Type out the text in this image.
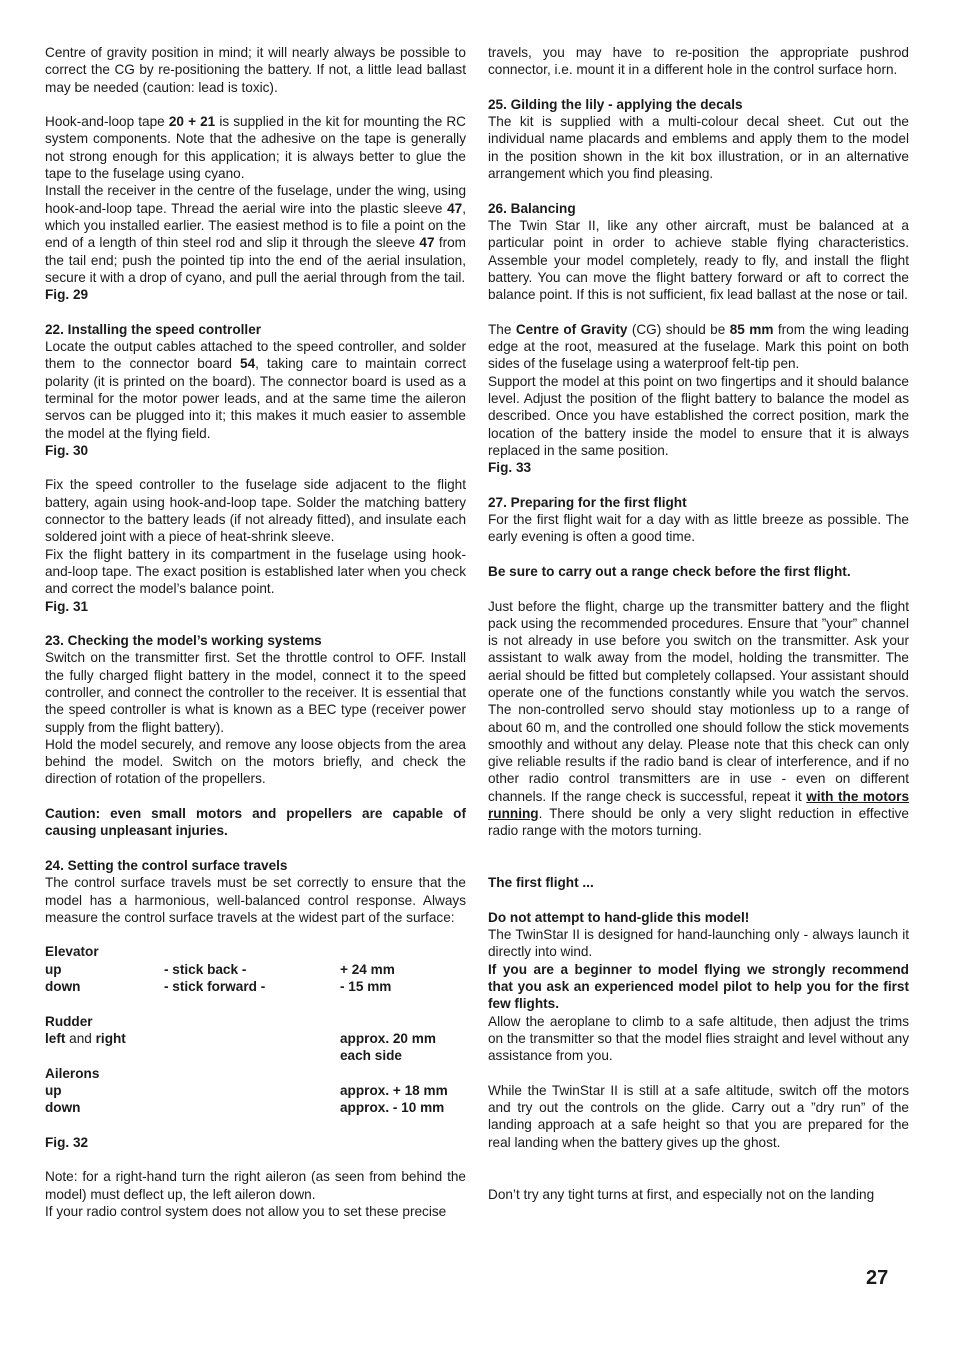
Centre of gravity position in mind; it will nearly always be possible to correct the CG by re-positioning the battery. If not, a little lead ballast may be needed (caution: lead is toxic).

Hook-and-loop tape 20 + 21 is supplied in the kit for mounting the RC system components. Note that the adhesive on the tape is generally not strong enough for this application; it is always better to glue the tape to the fuselage using cyano.

Install the receiver in the centre of the fuselage, under the wing, using hook-and-loop tape. Thread the aerial wire into the plastic sleeve 47, which you installed earlier. The easiest method is to file a point on the end of a length of thin steel rod and slip it through the sleeve 47 from the tail end; push the pointed tip into the end of the aerial insulation, secure it with a drop of cyano, and pull the aerial through from the tail.

Fig. 29

22. Installing the speed controller

Locate the output cables attached to the speed controller, and solder them to the connector board 54, taking care to maintain correct polarity (it is printed on the board). The connector board is used as a terminal for the motor power leads, and at the same time the aileron servos can be plugged into it; this makes it much easier to assemble the model at the flying field.

Fig. 30

Fix the speed controller to the fuselage side adjacent to the flight battery, again using hook-and-loop tape. Solder the matching battery connector to the battery leads (if not already fitted), and insulate each soldered joint with a piece of heat-shrink sleeve.

Fix the flight battery in its compartment in the fuselage using hook-and-loop tape. The exact position is established later when you check and correct the model’s balance point.

Fig. 31

23. Checking the model’s working systems

Switch on the transmitter first. Set the throttle control to OFF. Install the fully charged flight battery in the model, connect it to the speed controller, and connect the controller to the receiver. It is essential that the speed controller is what is known as a BEC type (receiver power supply from the flight battery).

Hold the model securely, and remove any loose objects from the area behind the model. Switch on the motors briefly, and check the direction of rotation of the propellers.

Caution: even small motors and propellers are capable of causing unpleasant injuries.

24. Setting the control surface travels

The control surface travels must be set correctly to ensure that the model has a harmonious, well-balanced control response. Always measure the control surface travels at the widest part of the surface:

Elevator		
up	- stick back -	+ 24 mm
down	- stick forward -	- 15 mm

Rudder		
left and right		approx. 20 mm
		each side
Ailerons		
up		approx. + 18 mm
down		approx. - 10 mm

Fig. 32

Note: for a right-hand turn the right aileron (as seen from behind the model) must deflect up, the left aileron down.

If your radio control system does not allow you to set these precise

travels, you may have to re-position the appropriate pushrod connector, i.e. mount it in a different hole in the control surface horn.

25. Gilding the lily - applying the decals

The kit is supplied with a multi-colour decal sheet. Cut out the individual name placards and emblems and apply them to the model in the position shown in the kit box illustration, or in an alternative arrangement which you find pleasing.

26. Balancing

The Twin Star II, like any other aircraft, must be balanced at a particular point in order to achieve stable flying characteristics. Assemble your model completely, ready to fly, and install the flight battery. You can move the flight battery forward or aft to correct the balance point. If this is not sufficient, fix lead ballast at the nose or tail.

The Centre of Gravity (CG) should be 85 mm from the wing leading edge at the root, measured at the fuselage. Mark this point on both sides of the fuselage using a waterproof felt-tip pen.

Support the model at this point on two fingertips and it should balance level. Adjust the position of the flight battery to balance the model as described. Once you have established the correct position, mark the location of the battery inside the model to ensure that it is always replaced in the same position.

Fig. 33

27. Preparing for the first flight

For the first flight wait for a day with as little breeze as possible. The early evening is often a good time.

Be sure to carry out a range check before the first flight.

Just before the flight, charge up the transmitter battery and the flight pack using the recommended procedures. Ensure that ”your” channel is not already in use before you switch on the transmitter. Ask your assistant to walk away from the model, holding the transmitter. The aerial should be fitted but completely collapsed. Your assistant should operate one of the functions constantly while you watch the servos. The non-controlled servo should stay motionless up to a range of about 60 m, and the controlled one should follow the stick movements smoothly and without any delay. Please note that this check can only give reliable results if the radio band is clear of interference, and if no other radio control transmitters are in use - even on different channels. If the range check is successful, repeat it with the motors running. There should be only a very slight reduction in effective radio range with the motors turning.

The first flight ...

Do not attempt to hand-glide this model!

The TwinStar II is designed for hand-launching only - always launch it directly into wind.

If you are a beginner to model flying we strongly recommend that you ask an experienced model pilot to help you for the first few flights.

Allow the aeroplane to climb to a safe altitude, then adjust the trims on the transmitter so that the model flies straight and level without any assistance from you.

While the TwinStar II is still at a safe altitude, switch off the motors and try out the controls on the glide. Carry out a ”dry run” of the landing approach at a safe height so that you are prepared for the real landing when the battery gives up the ghost.

Don’t try any tight turns at first, and especially not on the landing

27
